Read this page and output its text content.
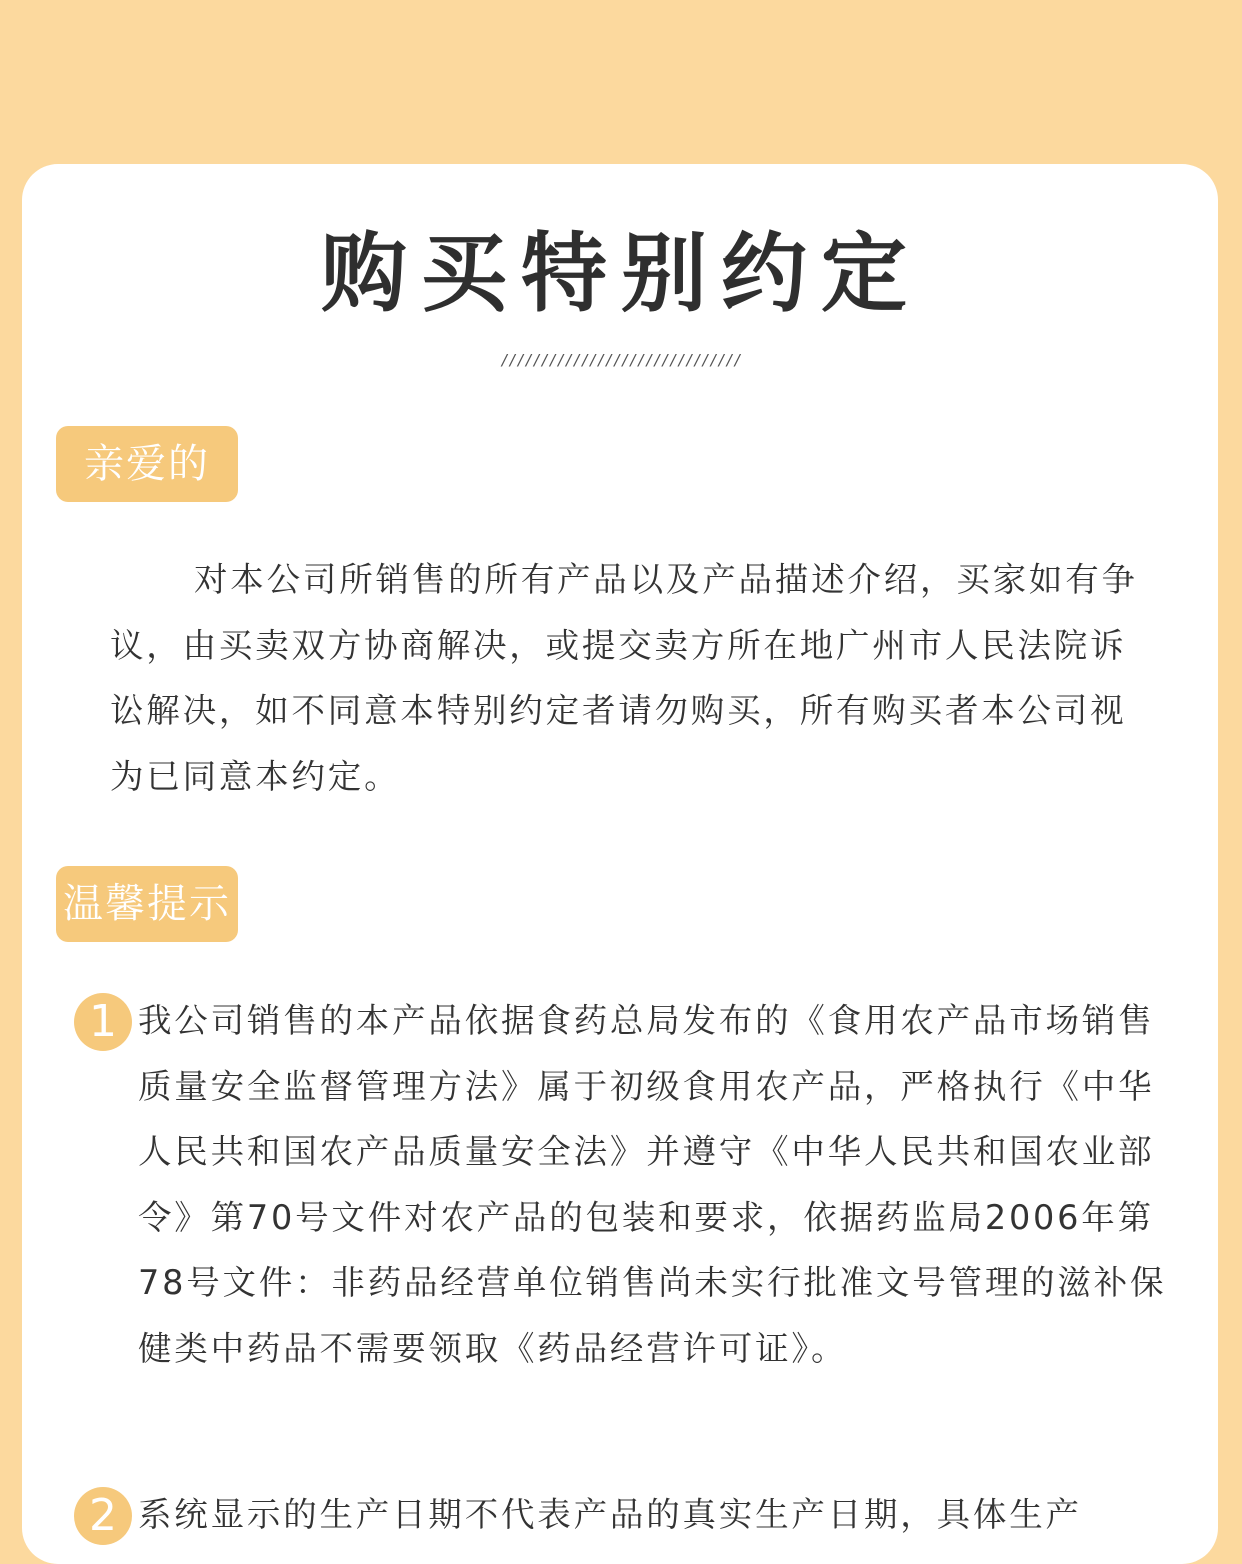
购买特别约定
//////////////////////////////
亲爱的

对本公司所销售的所有产品以及产品描述介绍，买家如有争议，由买卖双方协商解决，或提交卖方所在地广州市人民法院诉讼解决，如不同意本特别约定者请勿购买，所有购买者本公司视为已同意本约定。

温馨提示
1 我公司销售的本产品依据食药总局发布的《食用农产品市场销售质量安全监督管理方法》属于初级食用农产品，严格执行《中华人民共和国农产品质量安全法》并遵守《中华人民共和国农业部令》第70号文件对农产品的包装和要求，依据药监局2006年第78号文件：非药品经营单位销售尚未实行批准文号管理的滋补保健类中药品不需要领取《药品经营许可证》。

2 系统显示的生产日期不代表产品的真实生产日期，具体生产
